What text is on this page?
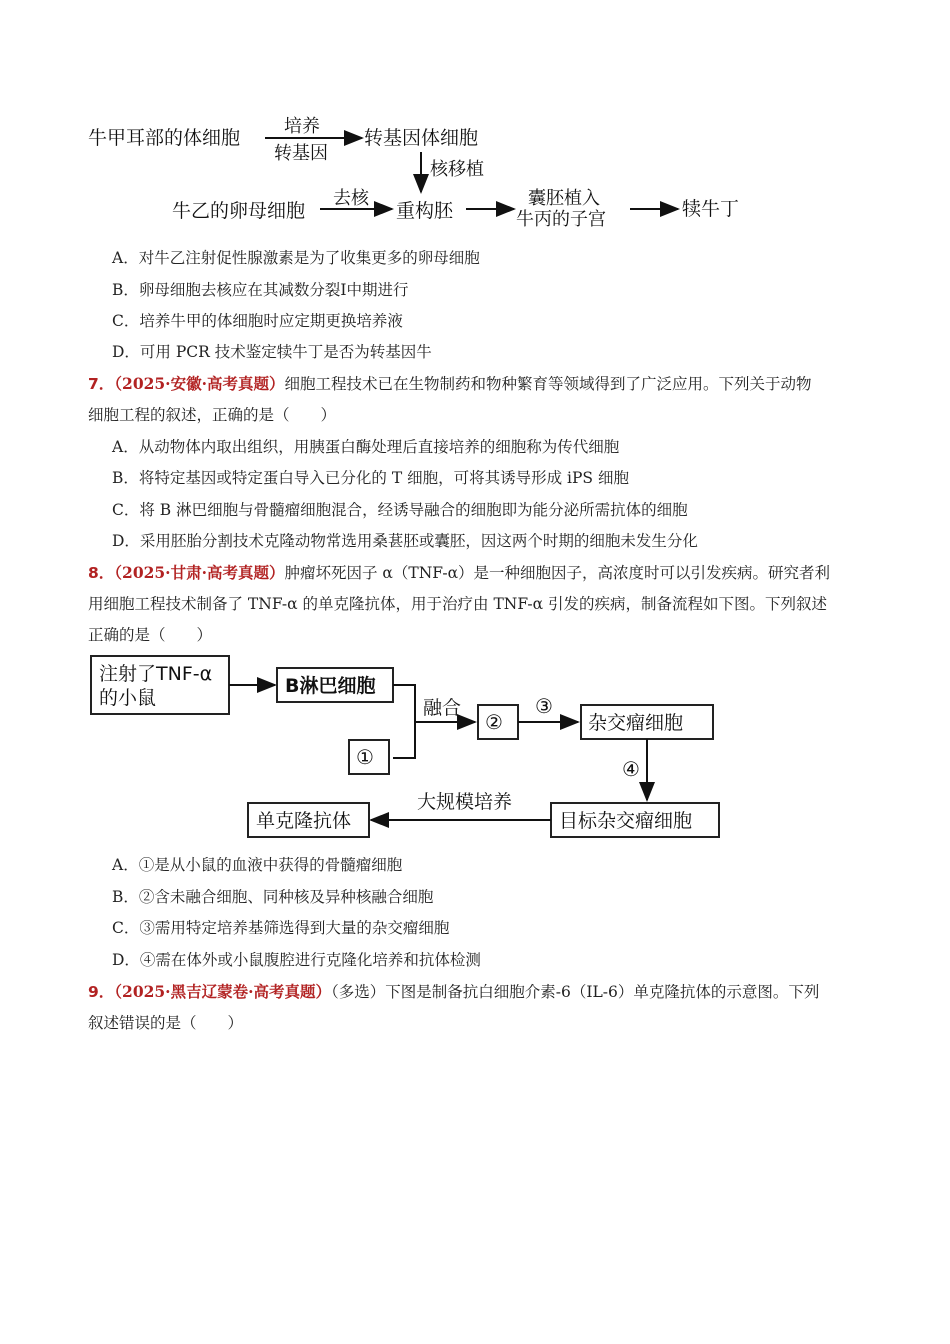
牛甲耳部的体细胞
培养
转基因
转基因体细胞
核移植
牛乙的卵母细胞
去核
重构胚
囊胚植入
牛丙的子宫	犊牛丁
A．对牛乙注射促性腺激素是为了收集更多的卵母细胞
B．卵母细胞去核应在其减数分裂Ⅰ中期进行
C．培养牛甲的体细胞时应定期更换培养液
D．可用 PCR 技术鉴定犊牛丁是否为转基因牛
7．（2025·安徽·高考真题）细胞工程技术已在生物制药和物种繁育等领域得到了广泛应用。下列关于动物
细胞工程的叙述，正确的是（　　）
A．从动物体内取出组织，用胰蛋白酶处理后直接培养的细胞称为传代细胞
B．将特定基因或特定蛋白导入已分化的 T 细胞，可将其诱导形成 iPS 细胞
C．将 B 淋巴细胞与骨髓瘤细胞混合，经诱导融合的细胞即为能分泌所需抗体的细胞
D．采用胚胎分割技术克隆动物常选用桑葚胚或囊胚，因这两个时期的细胞未发生分化
8．（2025·甘肃·高考真题）肿瘤坏死因子 α（TNF-α）是一种细胞因子，高浓度时可以引发疾病。研究者利
用细胞工程技术制备了 TNF-α 的单克隆抗体，用于治疗由 TNF-α 引发的疾病，制备流程如下图。下列叙述
正确的是（　　）
注射了TNF-α
的小鼠
B淋巴细胞
①
融合
②
③
杂交瘤细胞
④
目标杂交瘤细胞
大规模培养
单克隆抗体
A．①是从小鼠的血液中获得的骨髓瘤细胞
B．②含未融合细胞、同种核及异种核融合细胞
C．③需用特定培养基筛选得到大量的杂交瘤细胞
D．④需在体外或小鼠腹腔进行克隆化培养和抗体检测
9．（2025·黑吉辽蒙卷·高考真题）（多选）下图是制备抗白细胞介素-6（IL-6）单克隆抗体的示意图。下列
叙述错误的是（　　）
